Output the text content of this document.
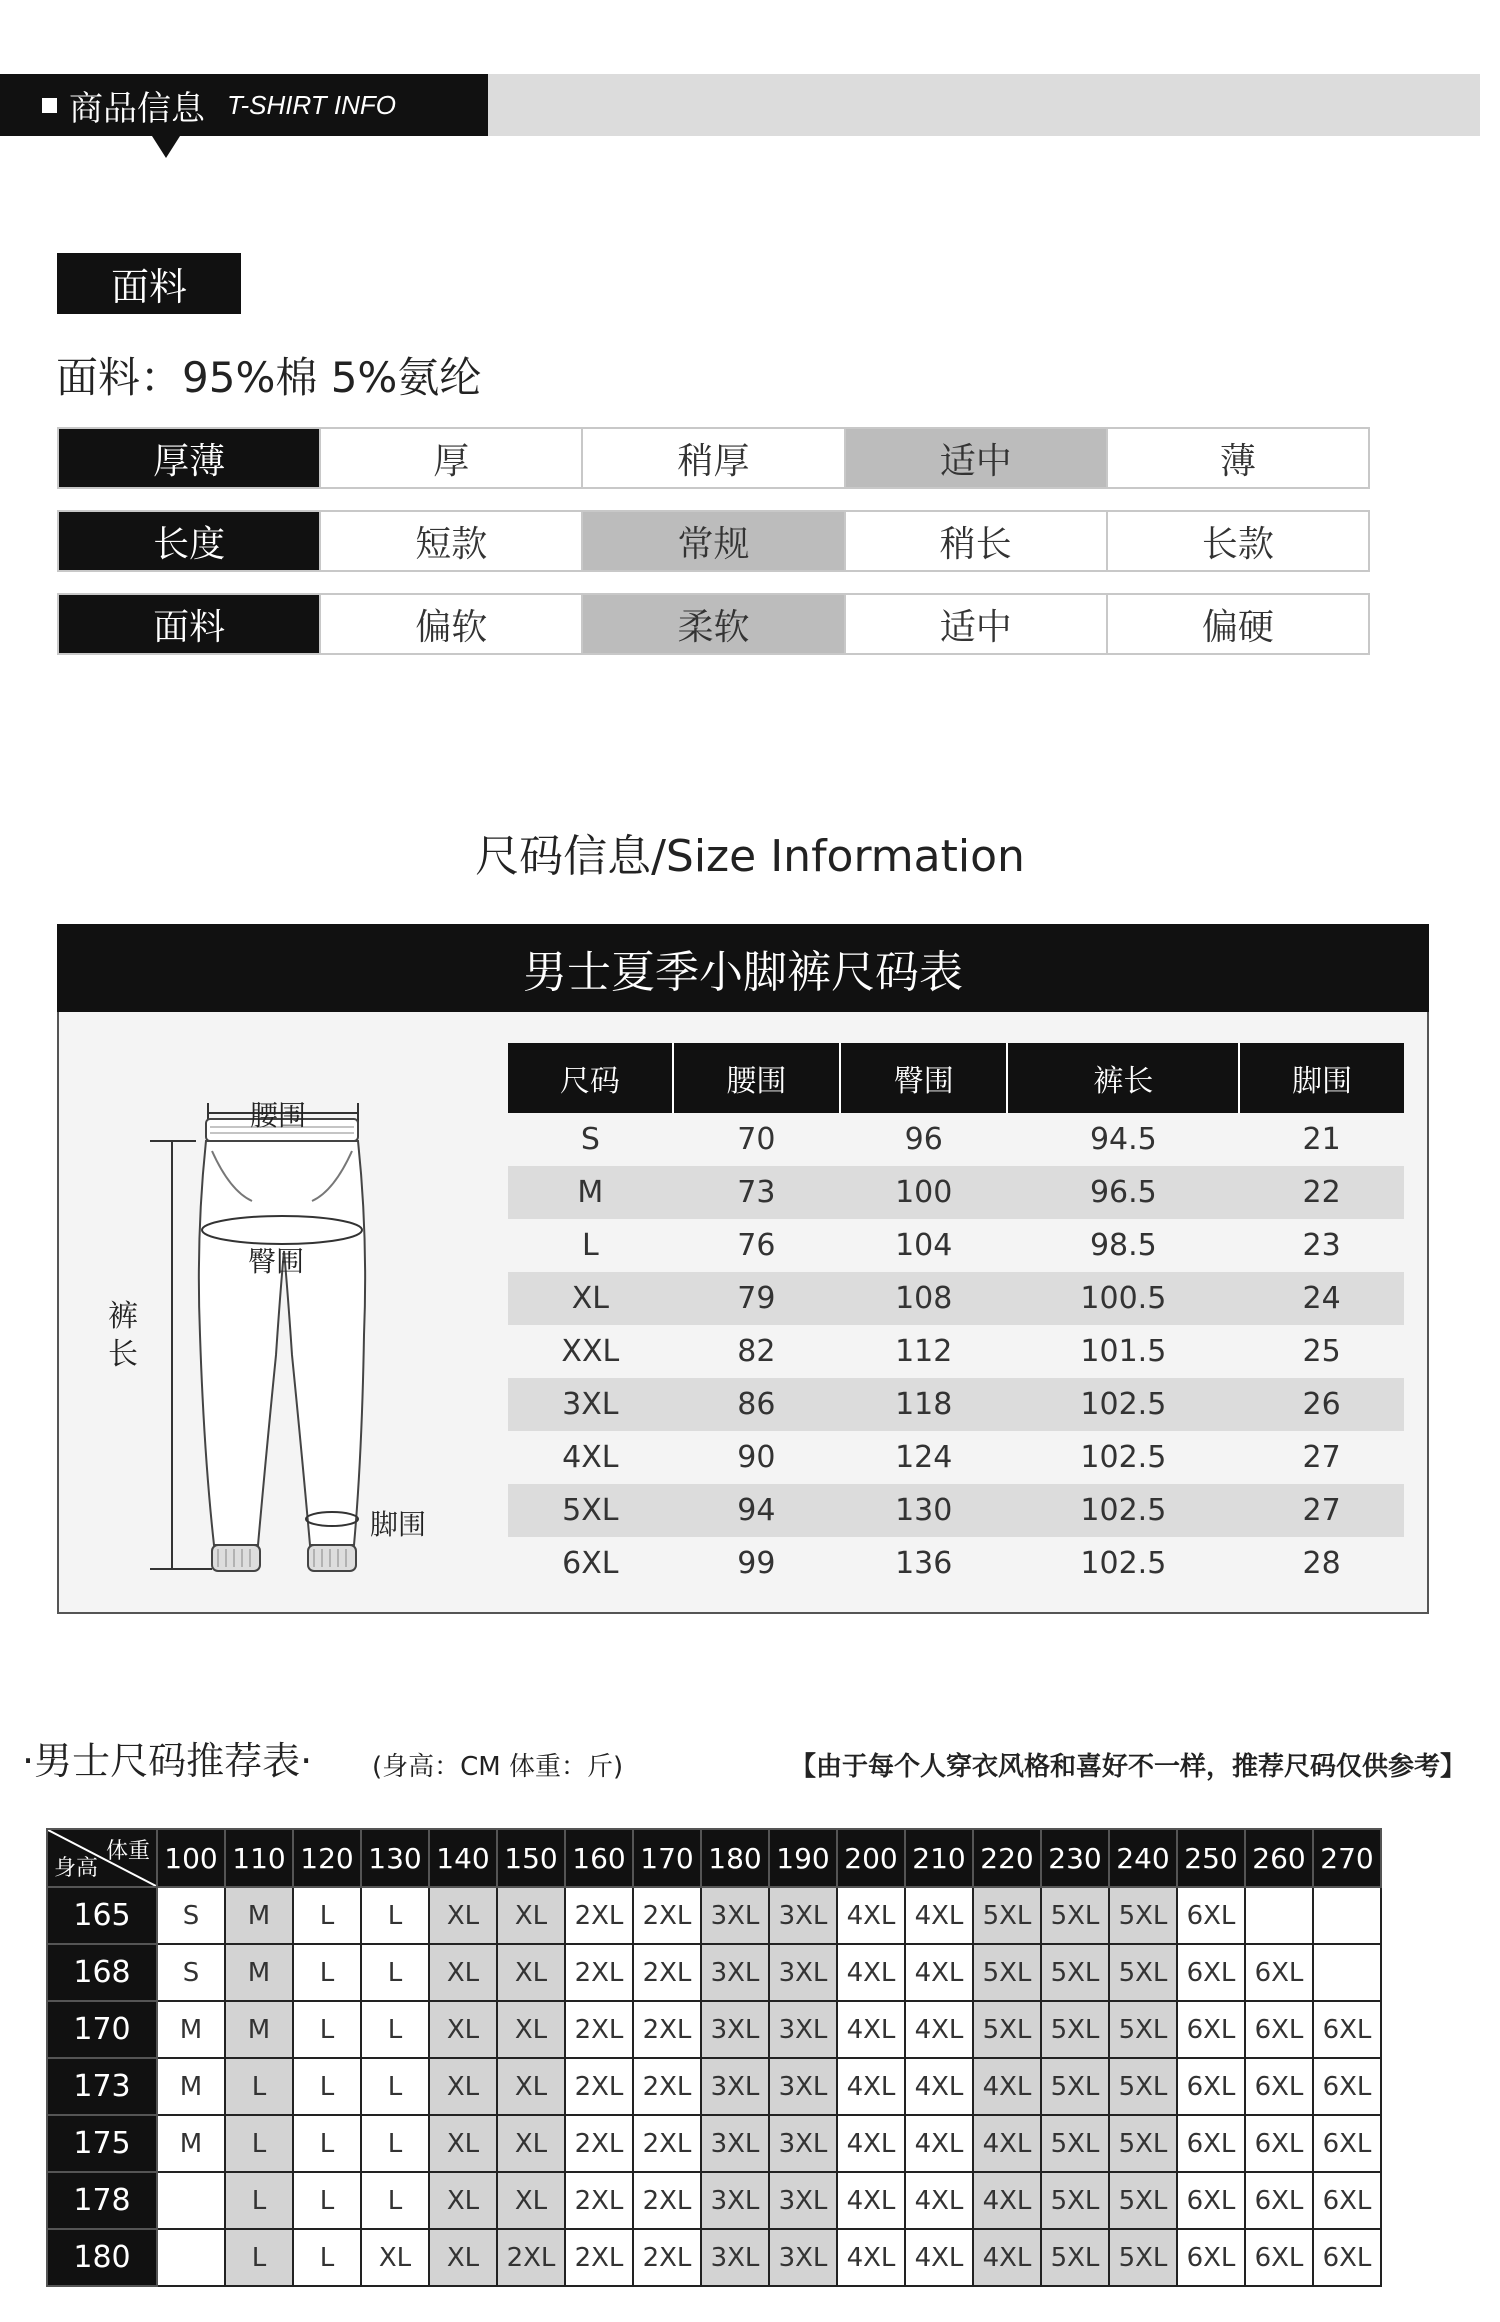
商品信息 T-SHIRT INFO
面料
面料：95%棉 5%氨纶
厚薄	厚	稍厚	适中	薄
长度	短款	常规	稍长	长款
面料	偏软	柔软	适中	偏硬
尺码信息/Size Information
男士夏季小脚裤尺码表
腰围
臀围
裤长
脚围
尺码	腰围	臀围	裤长	脚围
S	70	96	94.5	21
M	73	100	96.5	22
L	76	104	98.5	23
XL	79	108	100.5	24
XXL	82	112	101.5	25
3XL	86	118	102.5	26
4XL	90	124	102.5	27
5XL	94	130	102.5	27
6XL	99	136	102.5	28
·男士尺码推荐表· (身高：CM 体重：斤)	【由于每个人穿衣风格和喜好不一样，推荐尺码仅供参考】
体重
身高	100	110	120	130	140	150	160	170	180	190	200	210	220	230	240	250	260	270
165	S	M	L	L	XL	XL	2XL	2XL	3XL	3XL	4XL	4XL	5XL	5XL	5XL	6XL		
168	S	M	L	L	XL	XL	2XL	2XL	3XL	3XL	4XL	4XL	5XL	5XL	5XL	6XL	6XL	
170	M	M	L	L	XL	XL	2XL	2XL	3XL	3XL	4XL	4XL	5XL	5XL	5XL	6XL	6XL	6XL
173	M	L	L	L	XL	XL	2XL	2XL	3XL	3XL	4XL	4XL	4XL	5XL	5XL	6XL	6XL	6XL
175	M	L	L	L	XL	XL	2XL	2XL	3XL	3XL	4XL	4XL	4XL	5XL	5XL	6XL	6XL	6XL
178		L	L	L	XL	XL	2XL	2XL	3XL	3XL	4XL	4XL	4XL	5XL	5XL	6XL	6XL	6XL
180		L	L	XL	XL	2XL	2XL	2XL	3XL	3XL	4XL	4XL	4XL	5XL	5XL	6XL	6XL	6XL
